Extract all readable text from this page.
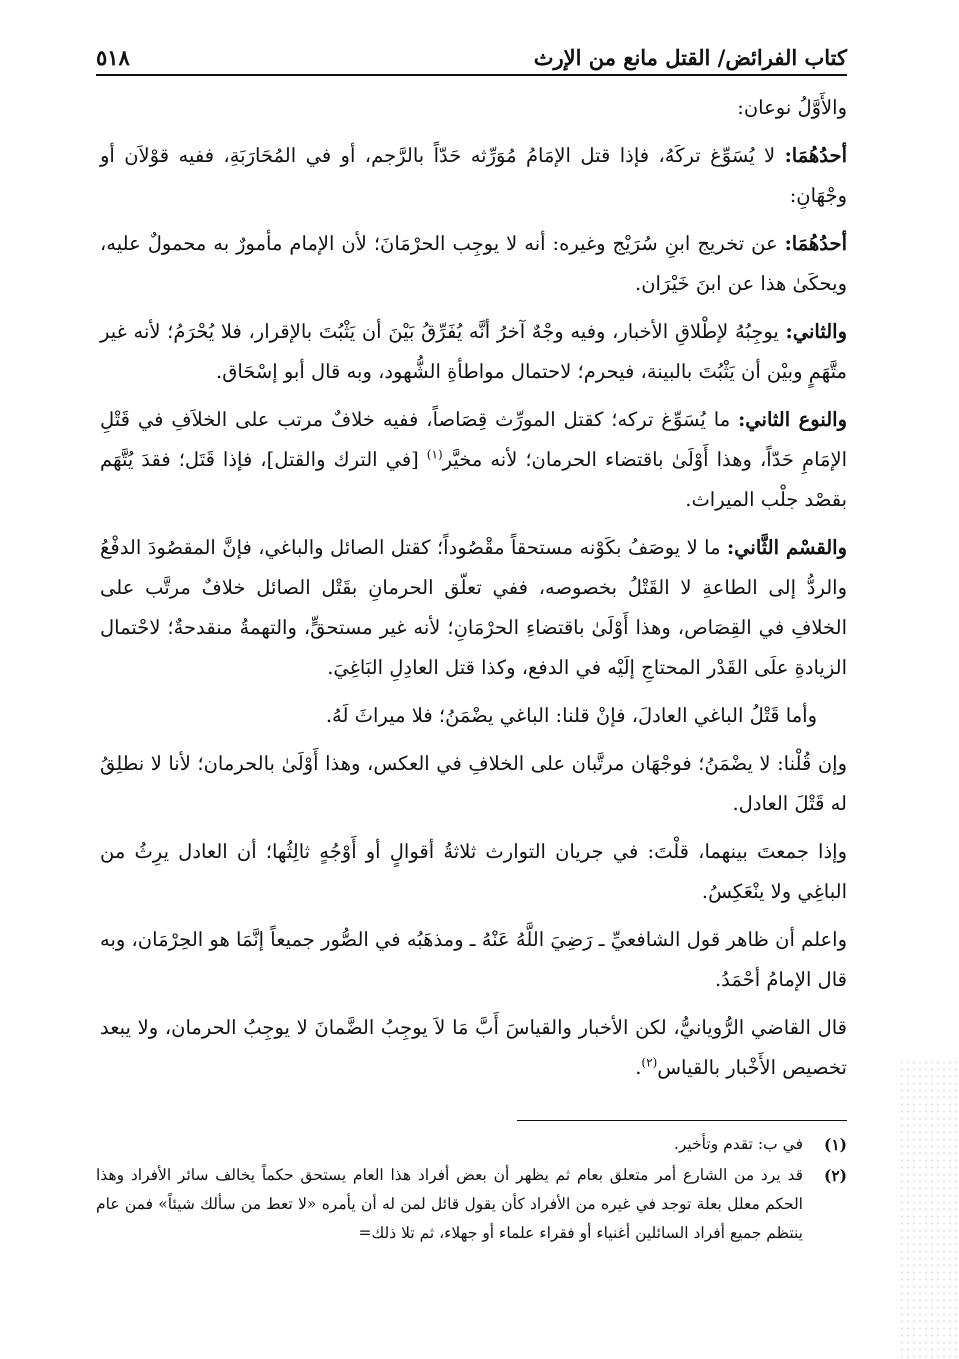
كتاب الفرائض/ القتل مانع من الإرث
٥١٨

والأَوَّلُ نوعان:

أحدُهُمَا: لا يُسَوِّغ تركَهُ، فإذا قتل الإمَامُ مُوَرِّثه حَدّاً بالرَّجم، أو في المُحَارَبَةِ، ففيه قوْلاَن أو وجْهَانِ:

أحدُهُمَا: عن تخريج ابنِ سُرَيْج وغيره: أنه لا يوجِب الحرْمَانَ؛ لأن الإمام مأمورٌ به محمولٌ عليه، ويحكَىٰ هذا عن ابنَ خَيْرَان.

والثاني: يوجِبُهُ لإطْلاقِ الأخبار، وفيه وجْهٌ آخرُ أنَّه يُفَرِّقُ بَيْنَ أن يَثْبُتَ بالإقرار، فلا يُحْرَمُ؛ لأنه غير متَّهَمٍ وبيْن أن يَثْبُتَ بالبينة، فيحرم؛ لاحتمال مواطأةِ الشُّهود، وبه قال أبو إسْحَاق.

والنوع الثاني: ما يُسَوِّغ تركه؛ كقتل المورِّث قِصَاصاً، ففيه خلافٌ مرتب على الخلاَفِ في قَتْلِ الإمَامِ حَدّاً، وهذا أَوْلَىٰ باقتضاء الحرمان؛ لأنه مخيَّر$^{(١)}$ [في الترك والقتل]، فإذا قَتَل؛ فقدَ يُتَّهَم بقصْد جلْب الميراث.

والقسْم الثَّاني: ما لا يوصَفُ بكَوْنه مستحقاً مقْصُوداً؛ كقتل الصائل والباغي، فإنَّ المقصُودَ الدفْعُ والردُّ إلى الطاعةِ لا القَتْلُ بخصوصه، ففي تعلّق الحرمانِ بقَتْل الصائل خلافٌ مرتَّب على الخلافِ في القِصَاص، وهذا أَوْلَىٰ باقتضاءِ الحرْمَانِ؛ لأنه غير مستحقٍّ، والتهمةُ منقدحةٌ؛ لاحْتمال الزيادةِ علَى القَدْر المحتاجِ إلَيْه في الدفع، وكذا قتل العادِلِ البَاغِيَ.

وأما قَتْلُ الباغي العادلَ، فإنْ قلنا: الباغي يضْمَنُ؛ فلا ميراثَ لَهُ.

وإن قُلْنا: لا يضْمَنُ؛ فوجْهَان مرتَّبان على الخلافِ في العكس، وهذا أَوْلَىٰ بالحرمان؛ لأنا لا نطلِقُ له قَتْلَ العادل.

وإذا جمعتَ بينهما، قلْتَ: في جريان التوارث ثلاثةُ أقوالٍ أو أَوْجُهٍ ثالِثُها؛ أن العادل يرِثُ من الباغِي ولا ينْعَكِسُ.

واعلم أن ظاهر قول الشافعيِّ ـ رَضِيَ اللَّهُ عَنْهُ ـ ومذهَبُه في الصُّور جميعاً إنَّمَا هو الحِرْمَان، وبه قال الإمامُ أحْمَدُ.

قال القاضي الرُّويانيُّ، لكن الأخبار والقياسَ أَبَّ مَا لاَ يوجِبُ الضَّمانَ لا يوجِبُ الحرمان، ولا يبعد تخصيص الأَخْبار بالقياس$^{(٢)}$.

(١)
في ب: تقدم وتأخير.
(٢)
قد يرد من الشارع أمر متعلق بعام ثم يظهر أن بعض أفراد هذا العام يستحق حكماً يخالف سائر الأفراد وهذا الحكم معلل بعلة توجد في غيره من الأفراد كأن يقول قائل لمن له أن يأمره «لا تعط من سألك شيئاً» فمن عام ينتظم جميع أفراد السائلين أغنياء أو فقراء علماء أو جهلاء، ثم تلا ذلك=
